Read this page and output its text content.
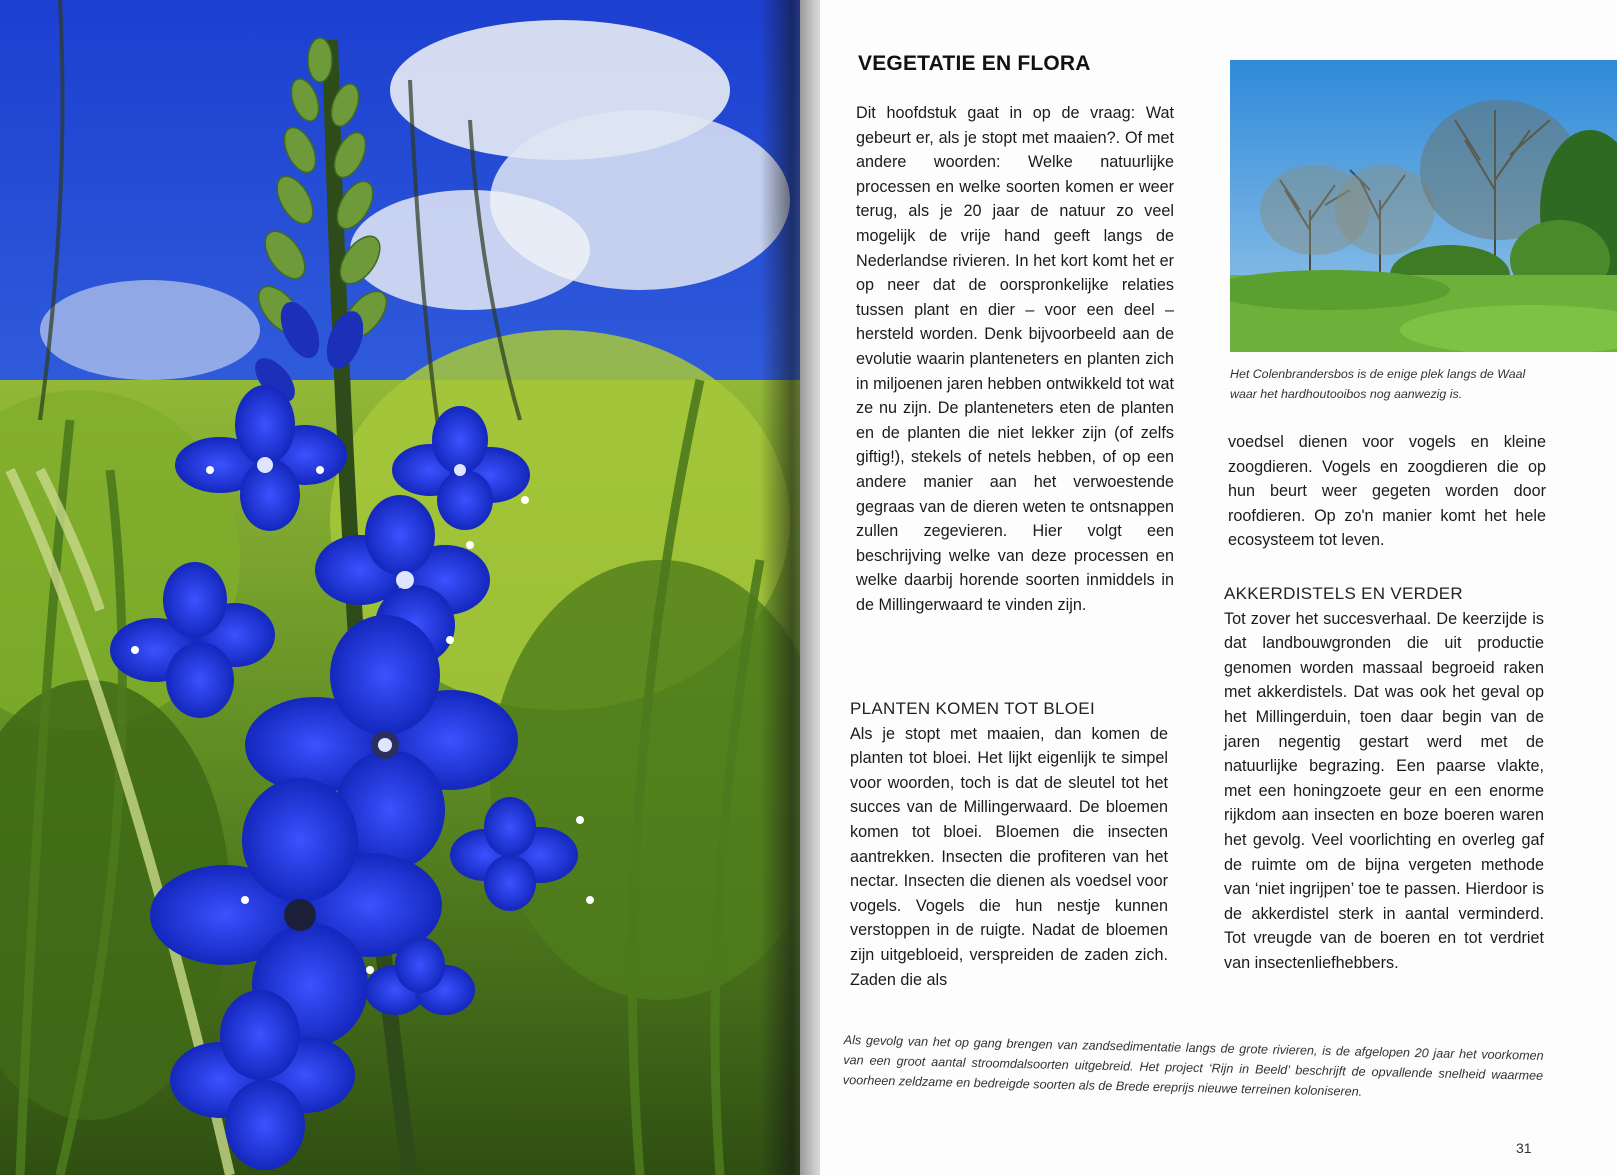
VEGETATIE EN FLORA

Dit hoofdstuk gaat in op de vraag: Wat gebeurt er, als je stopt met maaien?. Of met andere woorden: Welke natuurlijke processen en welke soorten komen er weer terug, als je 20 jaar de natuur zo veel mogelijk de vrije hand geeft langs de Nederlandse rivieren. In het kort komt het er op neer dat de oorspronkelijke relaties tussen plant en dier – voor een deel – hersteld worden. Denk bijvoorbeeld aan de evolutie waarin planteneters en planten zich in miljoenen jaren hebben ontwikkeld tot wat ze nu zijn. De planteneters eten de planten en de planten die niet lekker zijn (of zelfs giftig!), stekels of netels hebben, of op een andere manier aan het verwoestende gegraas van de dieren weten te ontsnappen zullen zegevieren. Hier volgt een beschrijving welke van deze processen en welke daarbij horende soorten inmiddels in de Millingerwaard te vinden zijn.

PLANTEN KOMEN TOT BLOEI

Als je stopt met maaien, dan komen de planten tot bloei. Het lijkt eigenlijk te simpel voor woorden, toch is dat de sleutel tot het succes van de Millingerwaard. De bloemen komen tot bloei. Bloemen die insecten aantrekken. Insecten die profiteren van het nectar. Insecten die dienen als voedsel voor vogels. Vogels die hun nestje kunnen verstoppen in de ruigte. Nadat de bloemen zijn uitgebloeid, verspreiden de zaden zich. Zaden die als

Het Colenbrandersbos is de enige plek langs de Waal waar het hardhoutooibos nog aanwezig is.

voedsel dienen voor vogels en kleine zoogdieren. Vogels en zoogdieren die op hun beurt weer gegeten worden door roofdieren. Op zo'n manier komt het hele ecosysteem tot leven.

AKKERDISTELS EN VERDER

Tot zover het succesverhaal. De keerzijde is dat landbouwgronden die uit productie genomen worden massaal begroeid raken met akkerdistels. Dat was ook het geval op het Millingerduin, toen daar begin van de jaren negentig gestart werd met de natuurlijke begrazing. Een paarse vlakte, met een honingzoete geur en een enorme rijkdom aan insecten en boze boeren waren het gevolg. Veel voorlichting en overleg gaf de ruimte om de bijna vergeten methode van ‘niet ingrijpen’ toe te passen. Hierdoor is de akkerdistel sterk in aantal verminderd. Tot vreugde van de boeren en tot verdriet van insectenliefhebbers.

Als gevolg van het op gang brengen van zandsedimentatie langs de grote rivieren, is de afgelopen 20 jaar het voorkomen van een groot aantal stroomdalsoorten uitgebreid. Het project ‘Rijn in Beeld’ beschrijft de opvallende snelheid waarmee voorheen zeldzame en bedreigde soorten als de Brede ereprijs nieuwe terreinen koloniseren.
31
